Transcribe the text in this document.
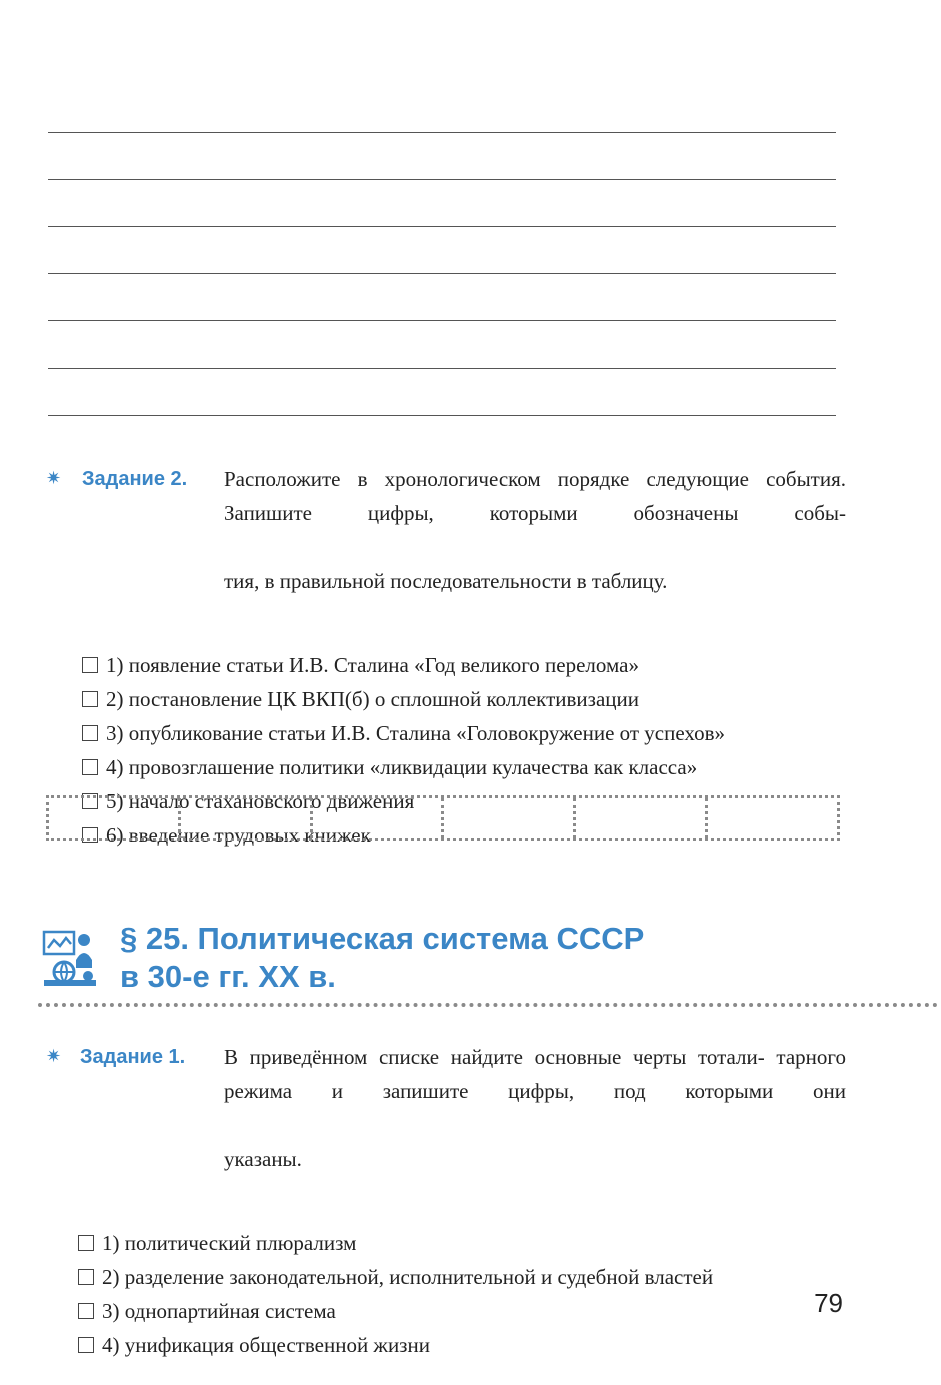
✷ Задание 2. Расположите в хронологическом порядке следующие события. Запишите цифры, которыми обозначены собы-
тия, в правильной последовательности в таблицу.
1) появление статьи И.В. Сталина «Год великого перелома»
2) постановление ЦК ВКП(б) о сплошной коллективизации
3) опубликование статьи И.В. Сталина «Головокружение от успехов»
4) провозглашение политики «ликвидации кулачества как класса»
5) начало стахановского движения
6) введение трудовых книжек
§ 25. Политическая система СССР
в 30-е гг. XX в.
✷ Задание 1. В приведённом списке найдите основные черты тотали- тарного режима и запишите цифры, под которыми они
указаны.
1) политический плюрализм
2) разделение законодательной, исполнительной и судебной властей
3) однопартийная система
4) унификация общественной жизни
79
